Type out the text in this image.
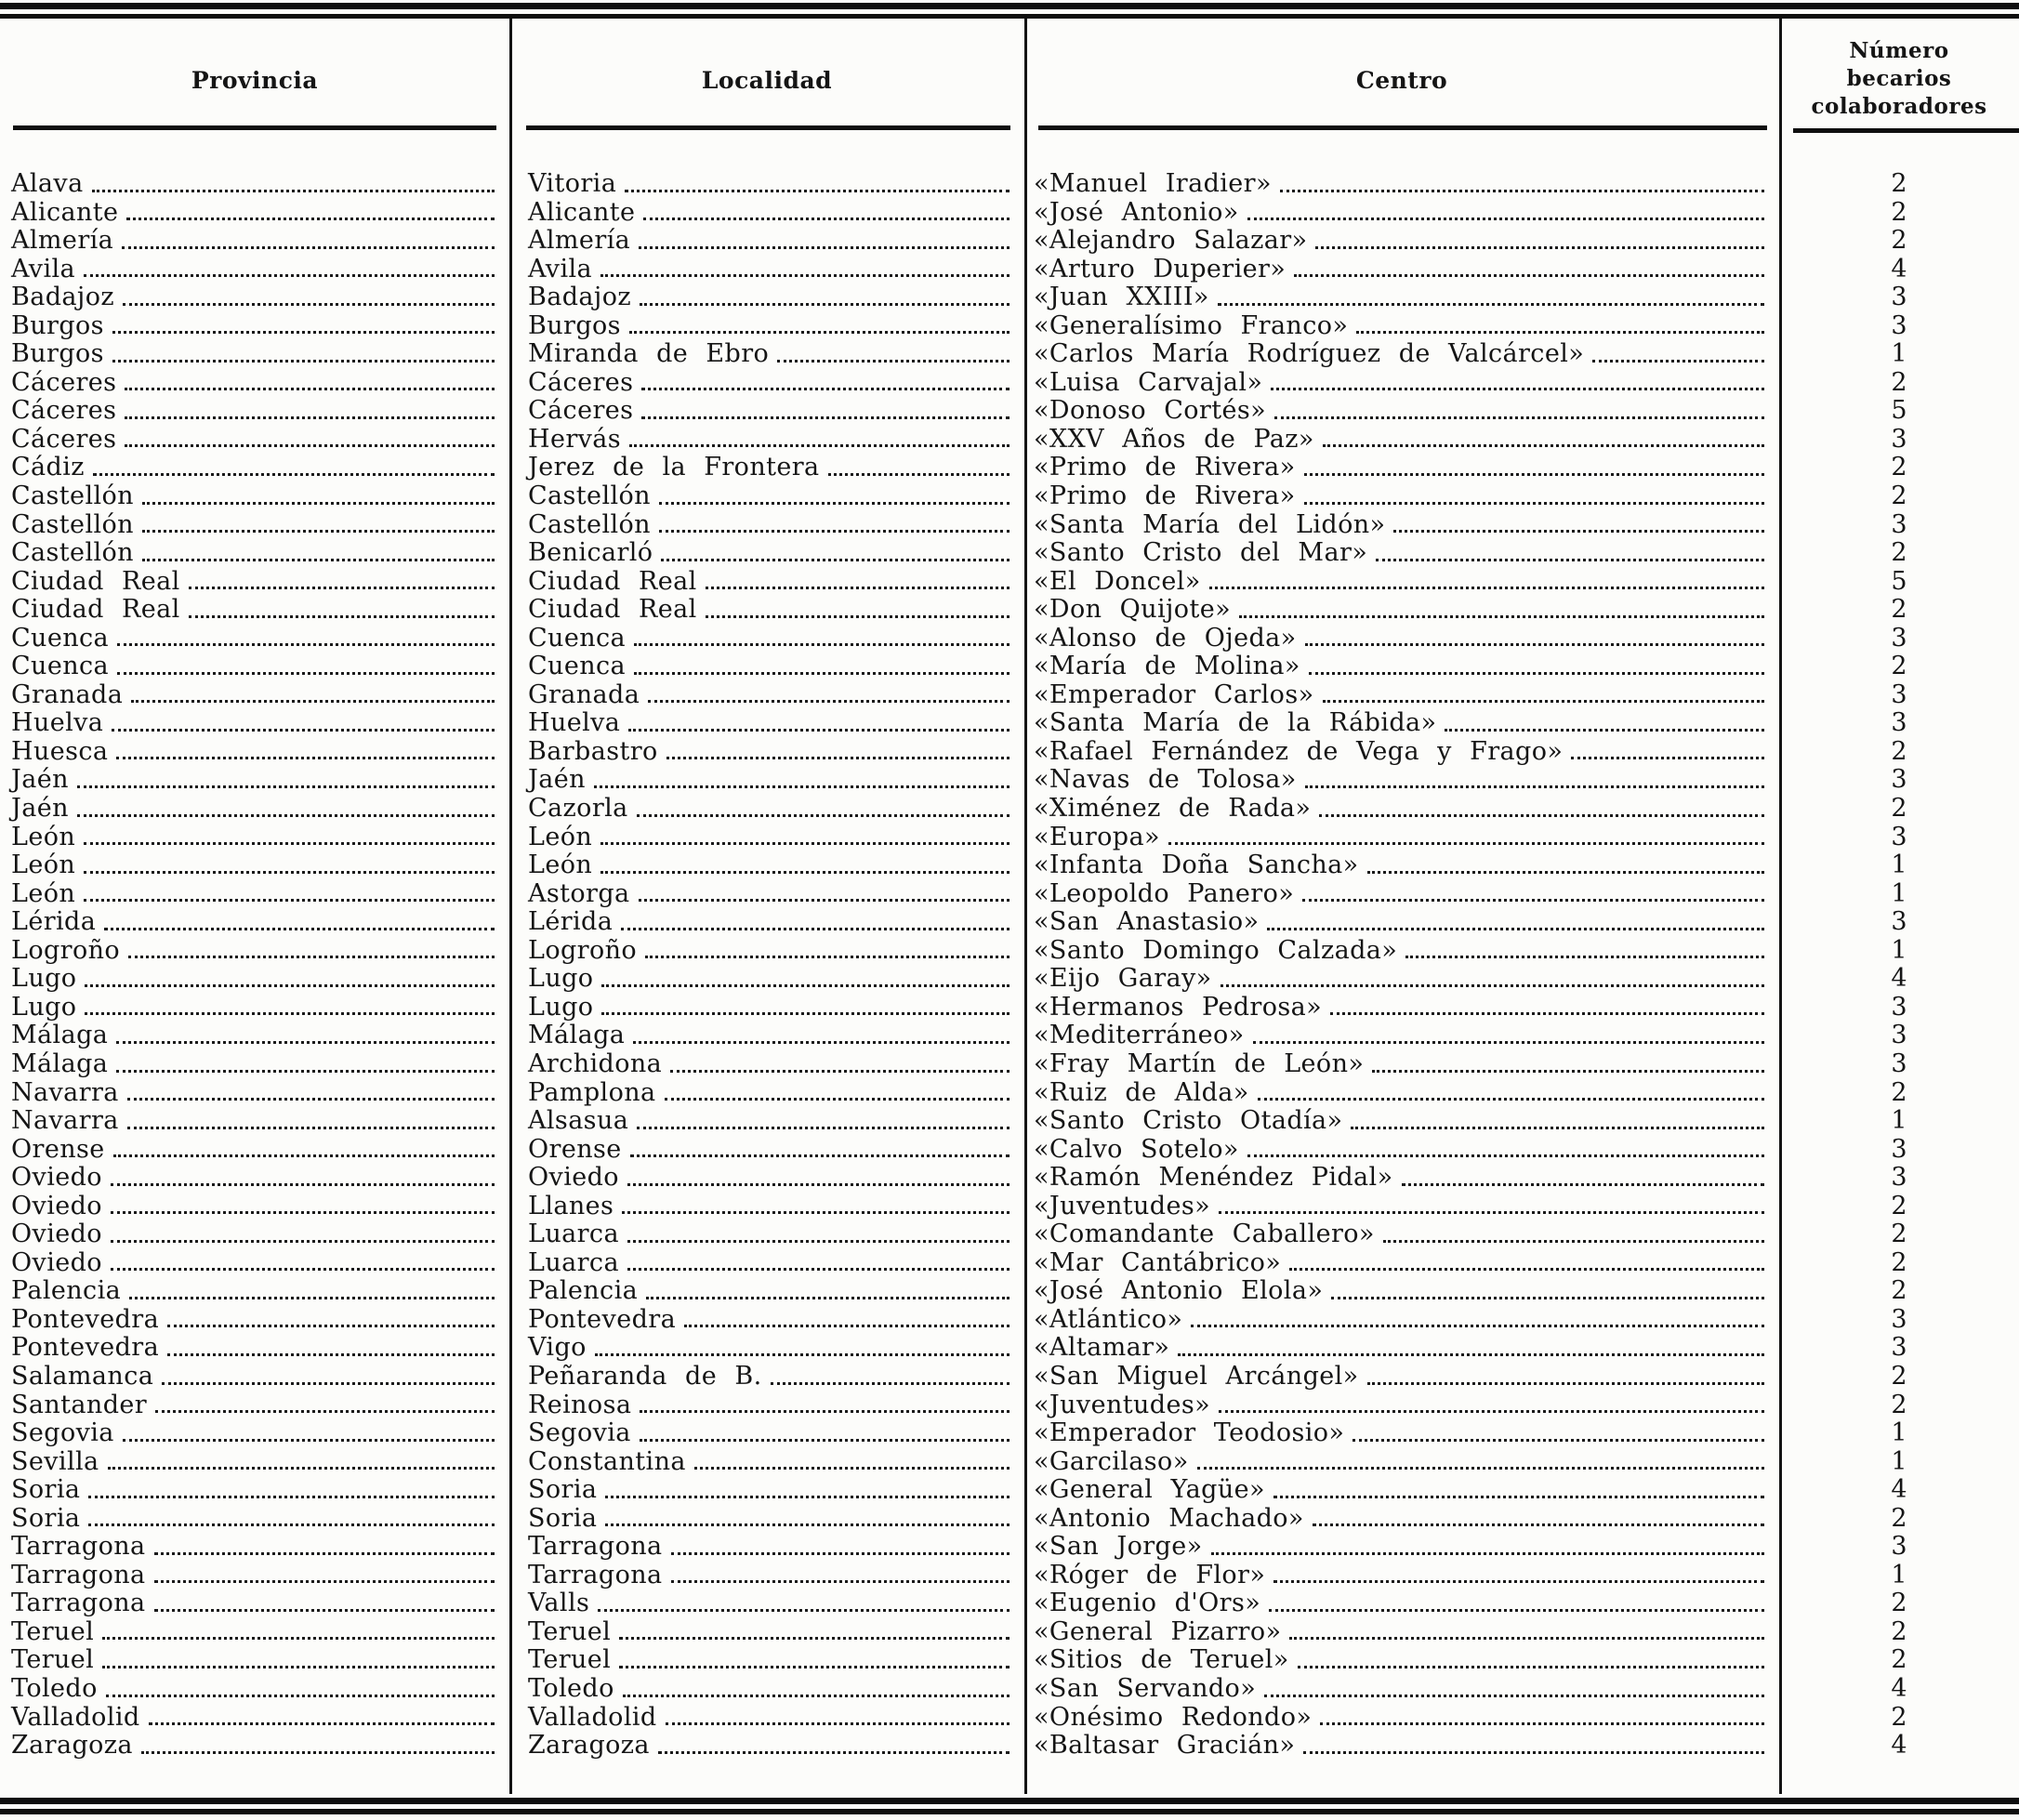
Provincia	Localidad	Centro
Número
becarios
colaboradores
Alava	Vitoria	«Manuel Iradier»	2
Alicante	Alicante	«José Antonio»	2
Almería	Almería	«Alejandro Salazar»	2
Avila	Avila	«Arturo Duperier»	4
Badajoz	Badajoz	«Juan XXIII»	3
Burgos	Burgos	«Generalísimo Franco»	3
Burgos	Miranda de Ebro	«Carlos María Rodríguez de Valcárcel»	1
Cáceres	Cáceres	«Luisa Carvajal»	2
Cáceres	Cáceres	«Donoso Cortés»	5
Cáceres	Hervás	«XXV Años de Paz»	3
Cádiz	Jerez de la Frontera	«Primo de Rivera»	2
Castellón	Castellón	«Primo de Rivera»	2
Castellón	Castellón	«Santa María del Lidón»	3
Castellón	Benicarló	«Santo Cristo del Mar»	2
Ciudad Real	Ciudad Real	«El Doncel»	5
Ciudad Real	Ciudad Real	«Don Quijote»	2
Cuenca	Cuenca	«Alonso de Ojeda»	3
Cuenca	Cuenca	«María de Molina»	2
Granada	Granada	«Emperador Carlos»	3
Huelva	Huelva	«Santa María de la Rábida»	3
Huesca	Barbastro	«Rafael Fernández de Vega y Frago»	2
Jaén	Jaén	«Navas de Tolosa»	3
Jaén	Cazorla	«Ximénez de Rada»	2
León	León	«Europa»	3
León	León	«Infanta Doña Sancha»	1
León	Astorga	«Leopoldo Panero»	1
Lérida	Lérida	«San Anastasio»	3
Logroño	Logroño	«Santo Domingo Calzada»	1
Lugo	Lugo	«Eijo Garay»	4
Lugo	Lugo	«Hermanos Pedrosa»	3
Málaga	Málaga	«Mediterráneo»	3
Málaga	Archidona	«Fray Martín de León»	3
Navarra	Pamplona	«Ruiz de Alda»	2
Navarra	Alsasua	«Santo Cristo Otadía»	1
Orense	Orense	«Calvo Sotelo»	3
Oviedo	Oviedo	«Ramón Menéndez Pidal»	3
Oviedo	Llanes	«Juventudes»	2
Oviedo	Luarca	«Comandante Caballero»	2
Oviedo	Luarca	«Mar Cantábrico»	2
Palencia	Palencia	«José Antonio Elola»	2
Pontevedra	Pontevedra	«Atlántico»	3
Pontevedra	Vigo	«Altamar»	3
Salamanca	Peñaranda de B.	«San Miguel Arcángel»	2
Santander	Reinosa	«Juventudes»	2
Segovia	Segovia	«Emperador Teodosio»	1
Sevilla	Constantina	«Garcilaso»	1
Soria	Soria	«General Yagüe»	4
Soria	Soria	«Antonio Machado»	2
Tarragona	Tarragona	«San Jorge»	3
Tarragona	Tarragona	«Róger de Flor»	1
Tarragona	Valls	«Eugenio d'Ors»	2
Teruel	Teruel	«General Pizarro»	2
Teruel	Teruel	«Sitios de Teruel»	2
Toledo	Toledo	«San Servando»	4
Valladolid	Valladolid	«Onésimo Redondo»	2
Zaragoza	Zaragoza	«Baltasar Gracián»	4
